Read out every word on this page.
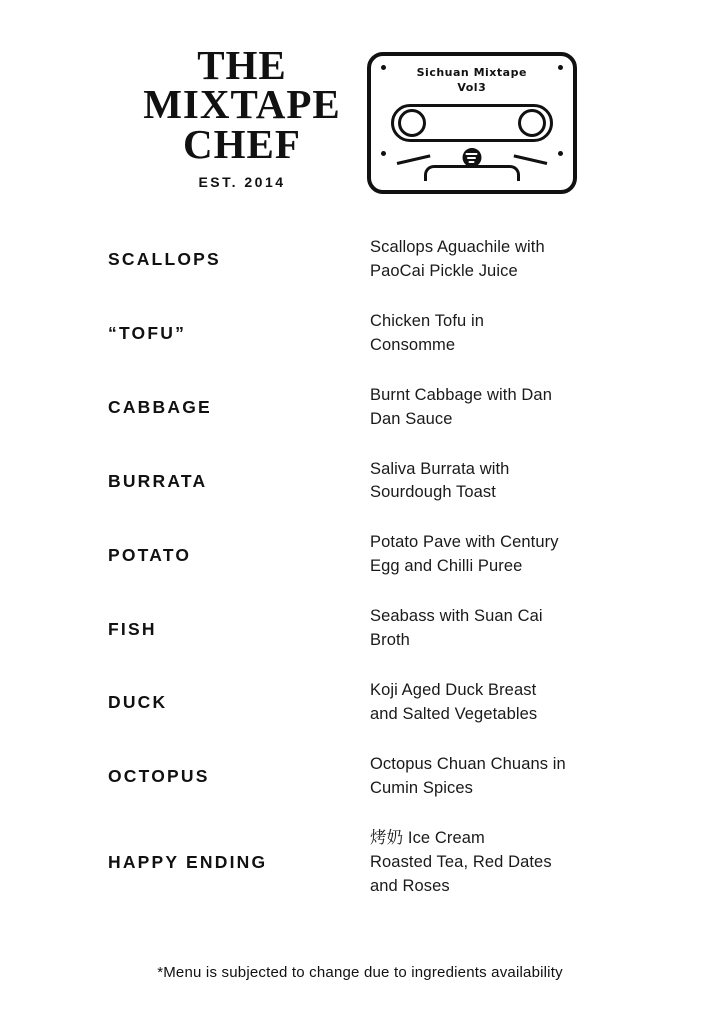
THE
MIXTAPE
CHEF
EST. 2014
Sichuan Mixtape
Vol3
SCALLOPS
Scallops Aguachile with
PaoCai Pickle Juice
“TOFU”
Chicken Tofu in
Consomme
CABBAGE
Burnt Cabbage with Dan
Dan Sauce
BURRATA
Saliva Burrata with
Sourdough Toast
POTATO
Potato Pave with Century
Egg and Chilli Puree
FISH
Seabass with Suan Cai
Broth
DUCK
Koji Aged Duck Breast
and Salted Vegetables
OCTOPUS
Octopus Chuan Chuans in
Cumin Spices
HAPPY ENDING
烤奶 Ice Cream
Roasted Tea, Red Dates
and Roses
*Menu is subjected to change due to ingredients availability
